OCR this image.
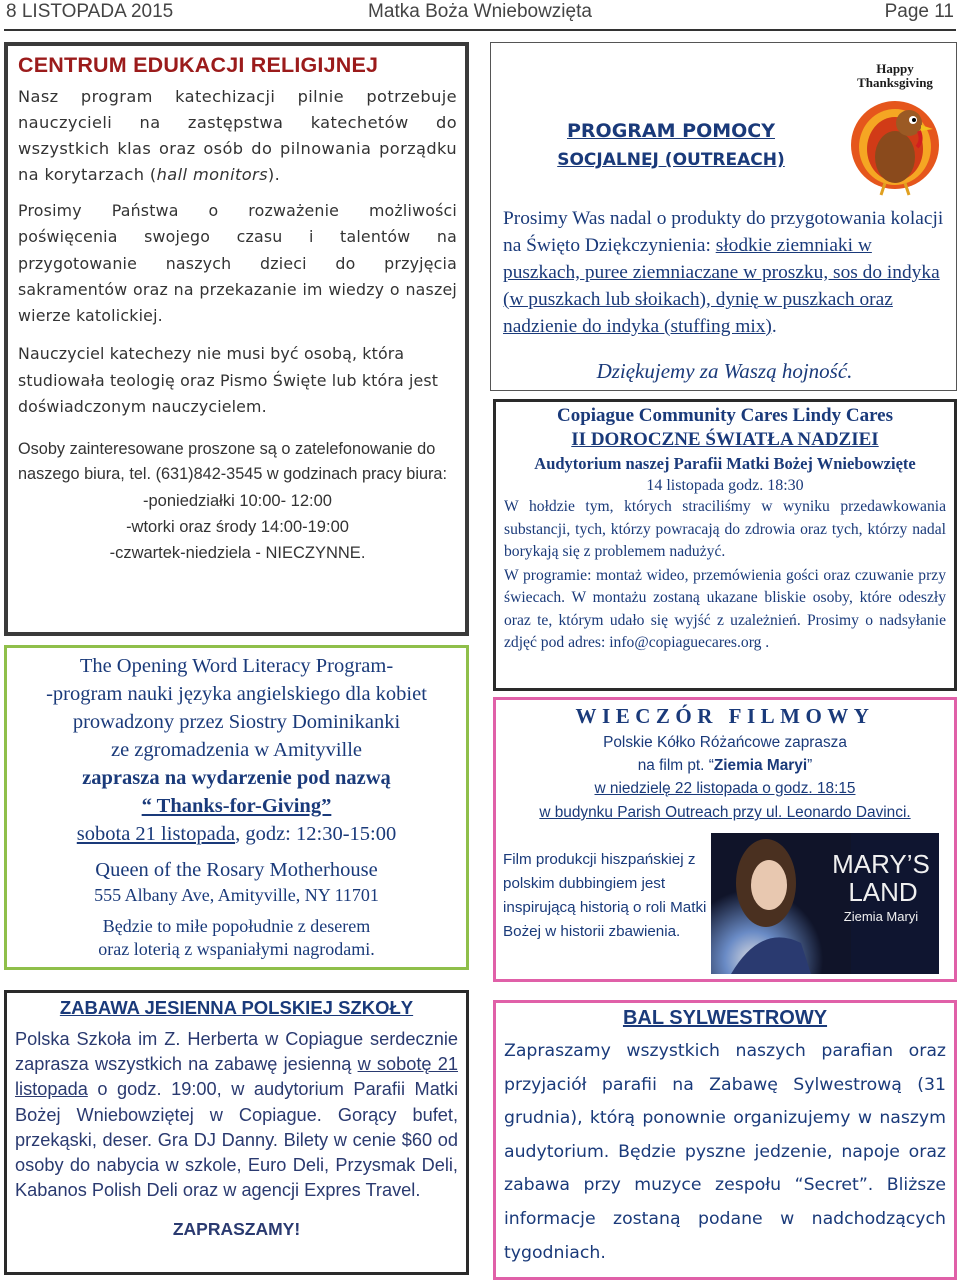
8 LISTOPADA 2015	Matka Boża Wniebowzięta	Page 11
CENTRUM EDUKACJI RELIGIJNEJ
Nasz program katechizacji pilnie potrzebuje nauczycieli na zastępstwa katechetów do wszystkich klas oraz osób do pilnowania porządku na korytarzach (hall monitors).
Prosimy Państwa o rozważenie możliwości poświęcenia swojego czasu i talentów na przygotowanie naszych dzieci do przyjęcia sakramentów oraz na przekazanie im wiedzy o naszej wierze katolickiej.
Nauczyciel katechezy nie musi być osobą, która studiowała teologię oraz Pismo Święte lub która jest doświadczonym nauczycielem.
Osoby zainteresowane proszone są o zatelefonowanie do naszego biura, tel. (631)842-3545 w godzinach pracy biura:
-poniedziałki 10:00- 12:00
-wtorki oraz środy 14:00-19:00
-czwartek-niedziela - NIECZYNNE.
PROGRAM POMOCY
SOCJALNEJ (OUTREACH)
Happy
Thanksgiving
Prosimy Was nadal o produkty do przygotowania kolacji na Święto Dziękczynienia: słodkie ziemniaki w puszkach, puree ziemniaczane w proszku, sos do indyka (w puszkach lub słoikach), dynię w puszkach oraz nadzienie do indyka (stuffing mix).
Dziękujemy za Waszą hojność.
Copiague Community Cares Lindy Cares
II DOROCZNE ŚWIATŁA NADZIEI
Audytorium naszej Parafii Matki Bożej Wniebowzięte
14 listopada godz. 18:30
W hołdzie tym, których straciliśmy w wyniku przedawkowania substancji, tych, którzy powracają do zdrowia oraz tych, którzy nadal borykają się z problemem nadużyć.
W programie: montaż wideo, przemówienia gości oraz czuwanie przy świecach. W montażu zostaną ukazane bliskie osoby, które odeszły oraz te, którym udało się wyjść z uzależnień. Prosimy o nadsyłanie zdjęć pod adres: info@copiaguecares.org .
The Opening Word Literacy Program-
-program nauki języka angielskiego dla kobiet
prowadzony przez Siostry Dominikanki
ze zgromadzenia w Amityville
zaprasza na wydarzenie pod nazwą
“ Thanks-for-Giving”
sobota 21 listopada, godz: 12:30-15:00
Queen of the Rosary Motherhouse
555 Albany Ave, Amityville, NY 11701
Będzie to miłe popołudnie z deserem
oraz loterią z wspaniałymi nagrodami.
WIECZÓR FILMOWY
Polskie Kółko Różańcowe zaprasza
na film pt. “Ziemia Maryi”
w niedzielę 22 listopada o godz. 18:15
w budynku Parish Outreach przy ul. Leonardo Davinci.
Film produkcji hiszpańskiej z polskim dubbingiem jest inspirującą historią o roli Matki Bożej w historii zbawienia.
MARY’S
LAND
Ziemia Maryi
ZABAWA JESIENNA POLSKIEJ SZKOŁY
Polska Szkoła im Z. Herberta w Copiague serdecznie zaprasza wszystkich na zabawę jesienną w sobotę 21 listopada o godz. 19:00, w audytorium Parafii Matki Bożej Wniebowziętej w Copiague. Gorący bufet, przekąski, deser. Gra DJ Danny. Bilety w cenie $60 od osoby do nabycia w szkole, Euro Deli, Przysmak Deli, Kabanos Polish Deli oraz w agencji Expres Travel.
ZAPRASZAMY!
BAL SYLWESTROWY
Zapraszamy wszystkich naszych parafian oraz przyjaciół parafii na Zabawę Sylwestrową (31 grudnia), którą ponownie organizujemy w naszym audytorium. Będzie pyszne jedzenie, napoje oraz zabawa przy muzyce zespołu “Secret”. Bliższe informacje zostaną podane w nadchodzących tygodniach.
